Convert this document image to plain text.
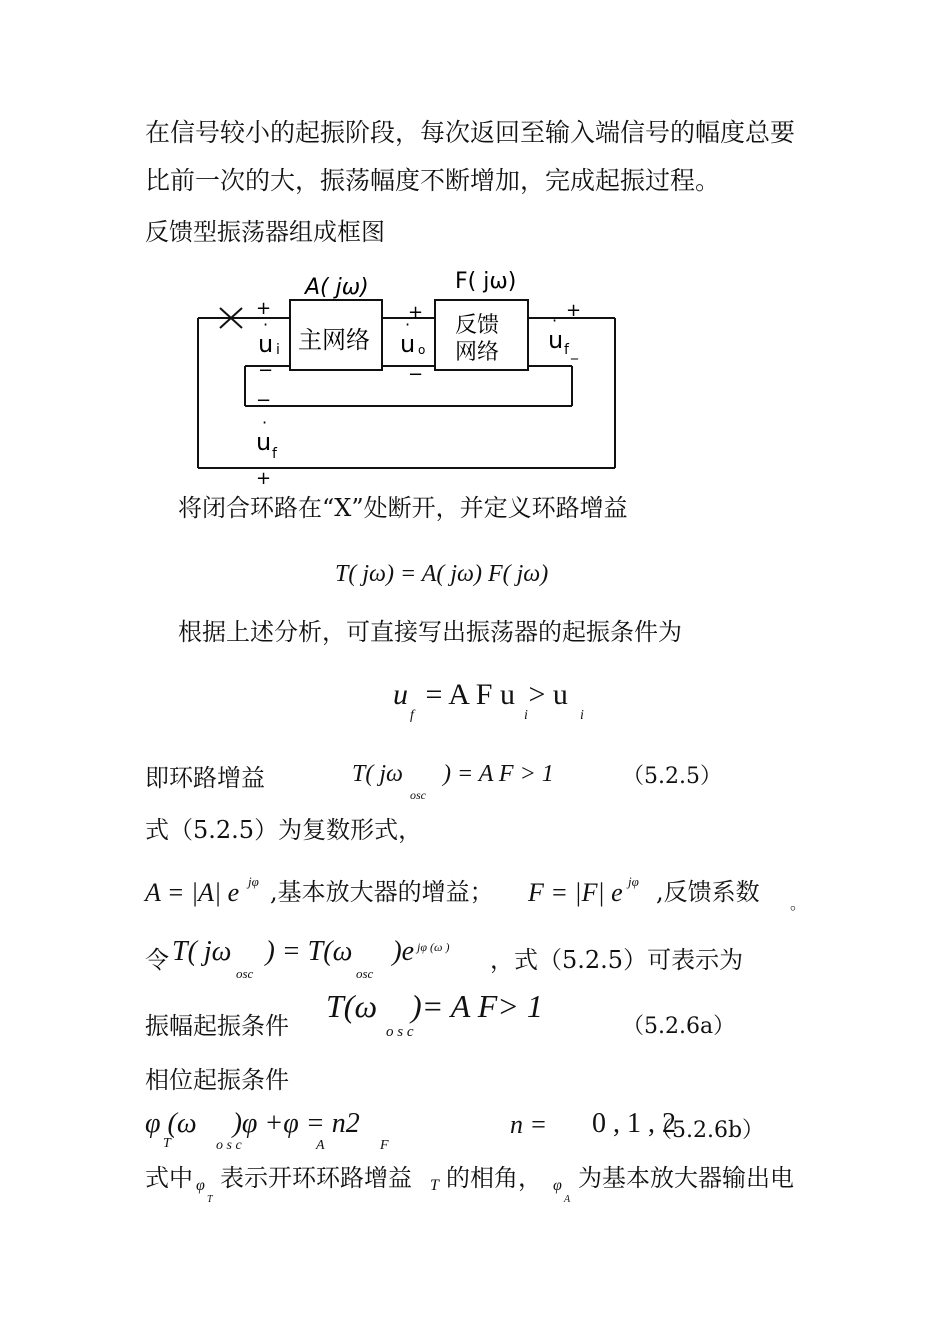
在信号较小的起振阶段，每次返回至输入端信号的幅度总要
比前一次的大，振荡幅度不断增加，完成起振过程。
反馈型振荡器组成框图
A( jω)	F( jω)
主网络
反馈
网络
+
·
u i
−
+
·
u o
−
+
·
u f _
−
·
u f
+
将闭合环路在“X”处断开，并定义环路增益
T( jω) = A( jω) F( jω)
根据上述分析，可直接写出振荡器的起振条件为
u = A F u > u
f	i	i
即环路增益	T( jω ) = A F > 1
osc
（5.2.5）
式（5.2.5）为复数形式，
A = |A| e jφ ,基本放大器的增益； F = |F| e jφ ,反馈系数 。
令 T( jω ) = T(ω )e
osc	osc
jφ (ω ) ，式（5.2.5）可表示为
振幅起振条件
T(ω )= A F> 1
o s c	（5.2.6a）
相位起振条件
φ (ω )φ +φ = n2
T	o s c	A	F
n = 0 , 1 , 2
（5.2.6b）
式中 φ
T
表示开环环路增益 T 的相角， φ
A
为基本放大器输出电
